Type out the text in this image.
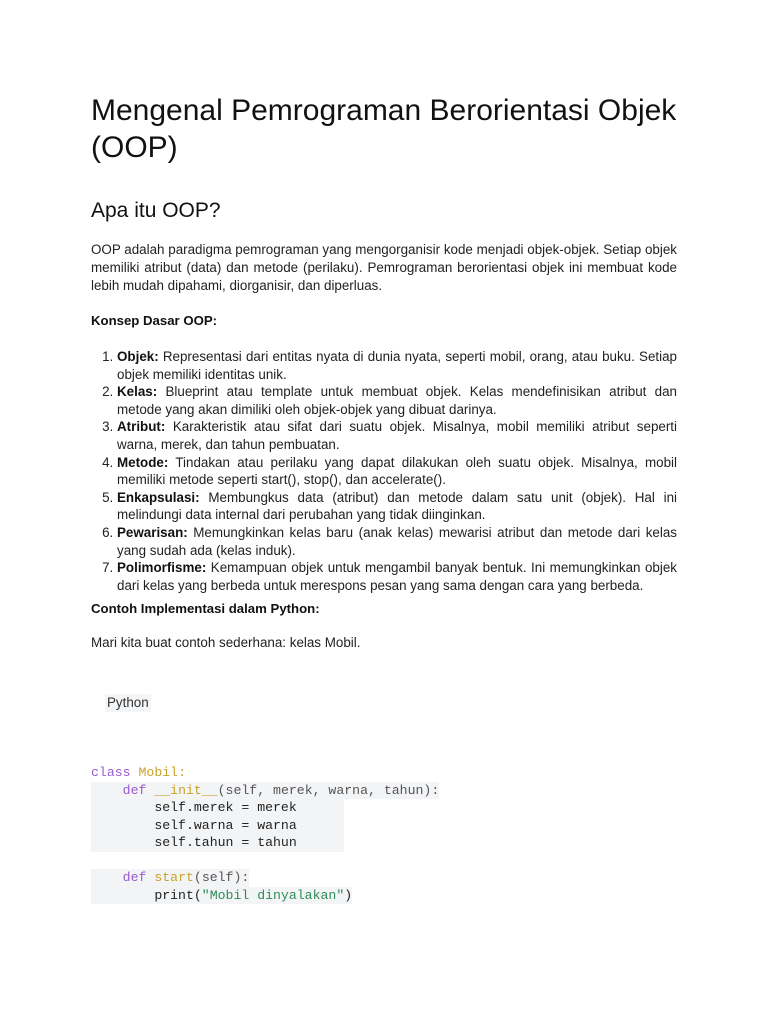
Mengenal Pemrograman Berorientasi Objek (OOP)
Apa itu OOP?

OOP adalah paradigma pemrograman yang mengorganisir kode menjadi objek-objek. Setiap objek memiliki atribut (data) dan metode (perilaku). Pemrograman berorientasi objek ini membuat kode lebih mudah dipahami, diorganisir, dan diperluas.

Konsep Dasar OOP:

1. Objek: Representasi dari entitas nyata di dunia nyata, seperti mobil, orang, atau buku. Setiap objek memiliki identitas unik.
2. Kelas: Blueprint atau template untuk membuat objek. Kelas mendefinisikan atribut dan metode yang akan dimiliki oleh objek-objek yang dibuat darinya.
3. Atribut: Karakteristik atau sifat dari suatu objek. Misalnya, mobil memiliki atribut seperti warna, merek, dan tahun pembuatan.
4. Metode: Tindakan atau perilaku yang dapat dilakukan oleh suatu objek. Misalnya, mobil memiliki metode seperti start(), stop(), dan accelerate().
5. Enkapsulasi: Membungkus data (atribut) dan metode dalam satu unit (objek). Hal ini melindungi data internal dari perubahan yang tidak diinginkan.
6. Pewarisan: Memungkinkan kelas baru (anak kelas) mewarisi atribut dan metode dari kelas yang sudah ada (kelas induk).
7. Polimorfisme: Kemampuan objek untuk mengambil banyak bentuk. Ini memungkinkan objek dari kelas yang berbeda untuk merespons pesan yang sama dengan cara yang berbeda.

Contoh Implementasi dalam Python:

Mari kita buat contoh sederhana: kelas Mobil.

Python
class Mobil:
def __init__(self, merek, warna, tahun):
self.merek = merek
self.warna = warna
self.tahun = tahun

def start(self):
print("Mobil dinyalakan")
